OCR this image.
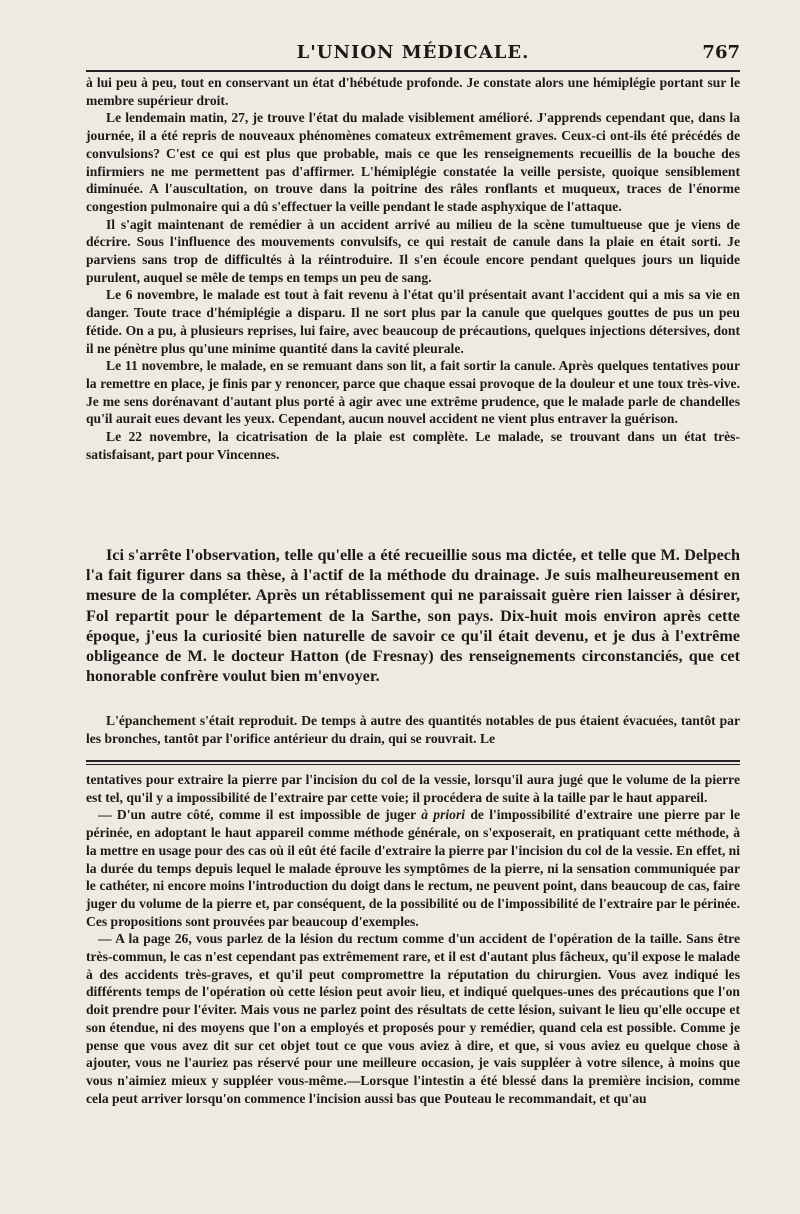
L'UNION MÉDICALE.	767

à lui peu à peu, tout en conservant un état d'hébétude profonde. Je constate alors une hémiplégie portant sur le membre supérieur droit.

Le lendemain matin, 27, je trouve l'état du malade visiblement amélioré. J'apprends cependant que, dans la journée, il a été repris de nouveaux phénomènes comateux extrêmement graves. Ceux-ci ont-ils été précédés de convulsions? C'est ce qui est plus que probable, mais ce que les renseignements recueillis de la bouche des infirmiers ne me permettent pas d'affirmer. L'hémiplégie constatée la veille persiste, quoique sensiblement diminuée. A l'auscultation, on trouve dans la poitrine des râles ronflants et muqueux, traces de l'énorme congestion pulmonaire qui a dû s'effectuer la veille pendant le stade asphyxique de l'attaque.

Il s'agit maintenant de remédier à un accident arrivé au milieu de la scène tumultueuse que je viens de décrire. Sous l'influence des mouvements convulsifs, ce qui restait de canule dans la plaie en était sorti. Je parviens sans trop de difficultés à la réintroduire. Il s'en écoule encore pendant quelques jours un liquide purulent, auquel se mêle de temps en temps un peu de sang.

Le 6 novembre, le malade est tout à fait revenu à l'état qu'il présentait avant l'accident qui a mis sa vie en danger. Toute trace d'hémiplégie a disparu. Il ne sort plus par la canule que quelques gouttes de pus un peu fétide. On a pu, à plusieurs reprises, lui faire, avec beaucoup de précautions, quelques injections détersives, dont il ne pénètre plus qu'une minime quantité dans la cavité pleurale.

Le 11 novembre, le malade, en se remuant dans son lit, a fait sortir la canule. Après quelques tentatives pour la remettre en place, je finis par y renoncer, parce que chaque essai provoque de la douleur et une toux très-vive. Je me sens dorénavant d'autant plus porté à agir avec une extrême prudence, que le malade parle de chandelles qu'il aurait eues devant les yeux. Cependant, aucun nouvel accident ne vient plus entraver la guérison.

Le 22 novembre, la cicatrisation de la plaie est complète. Le malade, se trouvant dans un état très-satisfaisant, part pour Vincennes.

Ici s'arrête l'observation, telle qu'elle a été recueillie sous ma dictée, et telle que M. Delpech l'a fait figurer dans sa thèse, à l'actif de la méthode du drainage. Je suis malheureusement en mesure de la compléter. Après un rétablissement qui ne paraissait guère rien laisser à désirer, Fol repartit pour le département de la Sarthe, son pays. Dix-huit mois environ après cette époque, j'eus la curiosité bien naturelle de savoir ce qu'il était devenu, et je dus à l'extrême obligeance de M. le docteur Hatton (de Fresnay) des renseignements circonstanciés, que cet honorable confrère voulut bien m'envoyer.

L'épanchement s'était reproduit. De temps à autre des quantités notables de pus étaient évacuées, tantôt par les bronches, tantôt par l'orifice antérieur du drain, qui se rouvrait. Le

tentatives pour extraire la pierre par l'incision du col de la vessie, lorsqu'il aura jugé que le volume de la pierre est tel, qu'il y a impossibilité de l'extraire par cette voie; il procédera de suite à la taille par le haut appareil.

— D'un autre côté, comme il est impossible de juger à priori de l'impossibilité d'extraire une pierre par le périnée, en adoptant le haut appareil comme méthode générale, on s'exposerait, en pratiquant cette méthode, à la mettre en usage pour des cas où il eût été facile d'extraire la pierre par l'incision du col de la vessie. En effet, ni la durée du temps depuis lequel le malade éprouve les symptômes de la pierre, ni la sensation communiquée par le cathéter, ni encore moins l'introduction du doigt dans le rectum, ne peuvent point, dans beaucoup de cas, faire juger du volume de la pierre et, par conséquent, de la possibilité ou de l'impossibilité de l'extraire par le périnée. Ces propositions sont prouvées par beaucoup d'exemples.

— A la page 26, vous parlez de la lésion du rectum comme d'un accident de l'opération de la taille. Sans être très-commun, le cas n'est cependant pas extrêmement rare, et il est d'autant plus fâcheux, qu'il expose le malade à des accidents très-graves, et qu'il peut compromettre la réputation du chirurgien. Vous avez indiqué les différents temps de l'opération où cette lésion peut avoir lieu, et indiqué quelques-unes des précautions que l'on doit prendre pour l'éviter. Mais vous ne parlez point des résultats de cette lésion, suivant le lieu qu'elle occupe et son étendue, ni des moyens que l'on a employés et proposés pour y remédier, quand cela est possible. Comme je pense que vous avez dit sur cet objet tout ce que vous aviez à dire, et que, si vous aviez eu quelque chose à ajouter, vous ne l'auriez pas réservé pour une meilleure occasion, je vais suppléer à votre silence, à moins que vous n'aimiez mieux y suppléer vous-même.—Lorsque l'intestin a été blessé dans la première incision, comme cela peut arriver lorsqu'on commence l'incision aussi bas que Pouteau le recommandait, et qu'au
